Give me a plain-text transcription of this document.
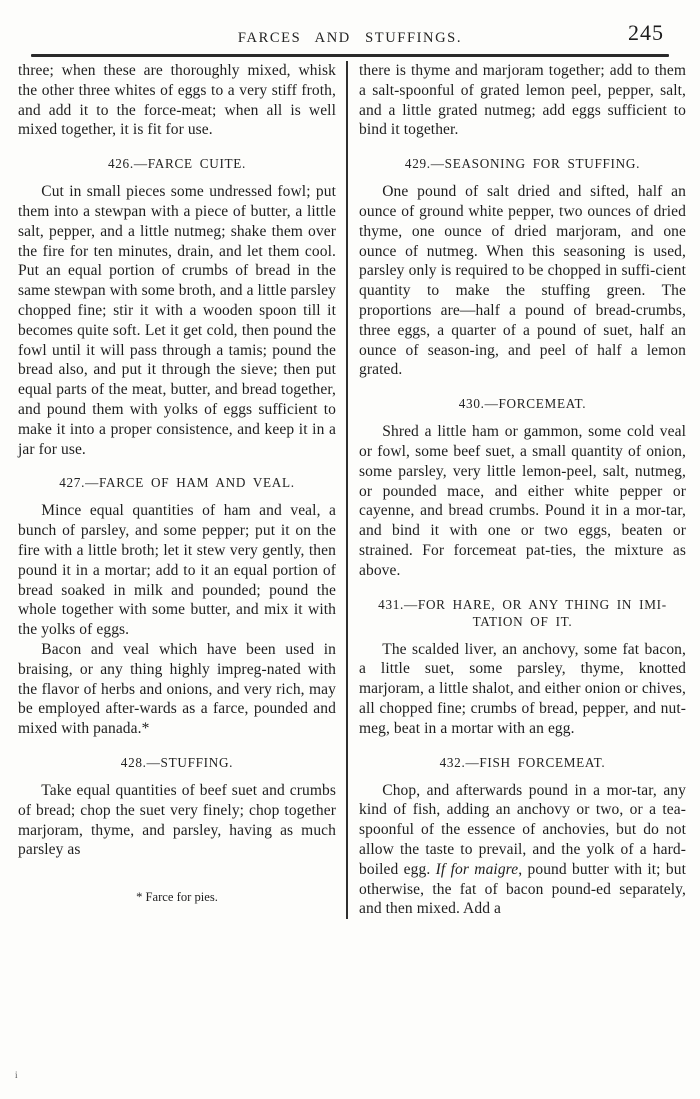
FARCES AND STUFFINGS.	245

three; when these are thoroughly mixed, whisk the other three whites of eggs to a very stiff froth, and add it to the force-meat; when all is well mixed together, it is fit for use.

426.—FARCE CUITE.

Cut in small pieces some undressed fowl; put them into a stewpan with a piece of butter, a little salt, pepper, and a little nutmeg; shake them over the fire for ten minutes, drain, and let them cool. Put an equal portion of crumbs of bread in the same stewpan with some broth, and a little parsley chopped fine; stir it with a wooden spoon till it becomes quite soft. Let it get cold, then pound the fowl until it will pass through a tamis; pound the bread also, and put it through the sieve; then put equal parts of the meat, butter, and bread together, and pound them with yolks of eggs sufficient to make it into a proper consistence, and keep it in a jar for use.

427.—FARCE OF HAM AND VEAL.

Mince equal quantities of ham and veal, a bunch of parsley, and some pepper; put it on the fire with a little broth; let it stew very gently, then pound it in a mortar; add to it an equal portion of bread soaked in milk and pounded; pound the whole together with some butter, and mix it with the yolks of eggs.

Bacon and veal which have been used in braising, or any thing highly impreg-nated with the flavor of herbs and onions, and very rich, may be employed after-wards as a farce, pounded and mixed with panada.*

428.—STUFFING.

Take equal quantities of beef suet and crumbs of bread; chop the suet very finely; chop together marjoram, thyme, and parsley, having as much parsley as

* Farce for pies.

there is thyme and marjoram together; add to them a salt-spoonful of grated lemon peel, pepper, salt, and a little grated nutmeg; add eggs sufficient to bind it together.

429.—SEASONING FOR STUFFING.

One pound of salt dried and sifted, half an ounce of ground white pepper, two ounces of dried thyme, one ounce of dried marjoram, and one ounce of nutmeg. When this seasoning is used, parsley only is required to be chopped in suffi-cient quantity to make the stuffing green. The proportions are—half a pound of bread-crumbs, three eggs, a quarter of a pound of suet, half an ounce of season-ing, and peel of half a lemon grated.

430.—FORCEMEAT.

Shred a little ham or gammon, some cold veal or fowl, some beef suet, a small quantity of onion, some parsley, very little lemon-peel, salt, nutmeg, or pounded mace, and either white pepper or cayenne, and bread crumbs. Pound it in a mor-tar, and bind it with one or two eggs, beaten or strained. For forcemeat pat-ties, the mixture as above.

431.—FOR HARE, OR ANY THING IN IMI-
TATION OF IT.

The scalded liver, an anchovy, some fat bacon, a little suet, some parsley, thyme, knotted marjoram, a little shalot, and either onion or chives, all chopped fine; crumbs of bread, pepper, and nut-meg, beat in a mortar with an egg.

432.—FISH FORCEMEAT.

Chop, and afterwards pound in a mor-tar, any kind of fish, adding an anchovy or two, or a tea-spoonful of the essence of anchovies, but do not allow the taste to prevail, and the yolk of a hard-boiled egg. If for maigre, pound butter with it; but otherwise, the fat of bacon pound-ed separately, and then mixed. Add a

i
